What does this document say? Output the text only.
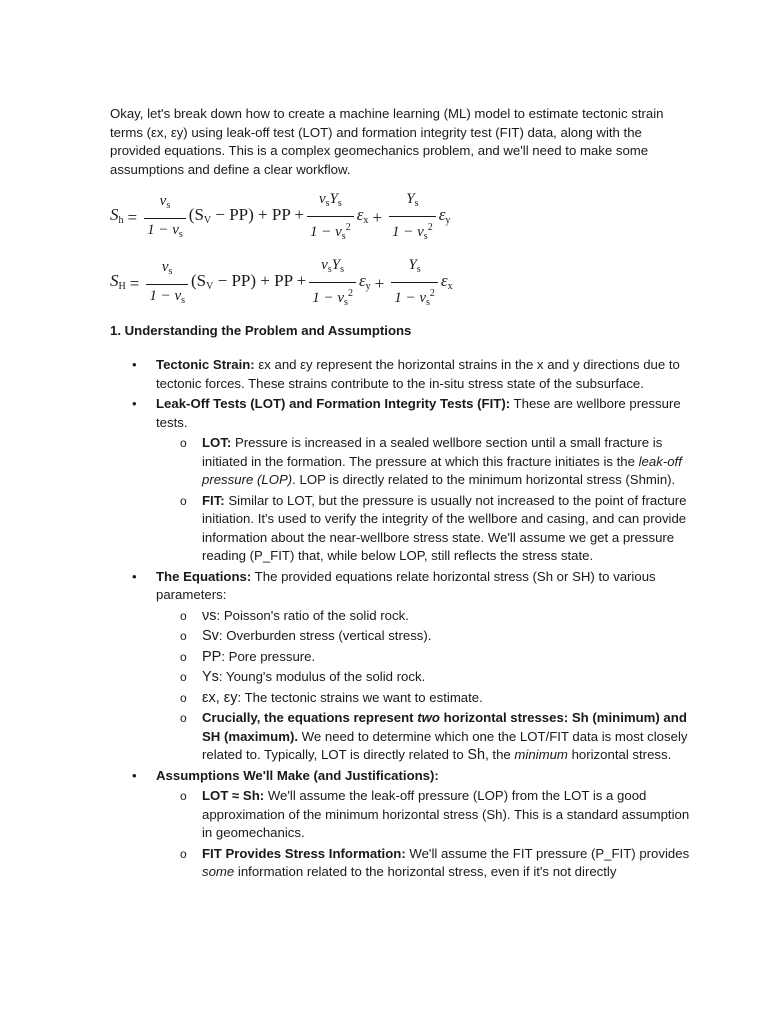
Okay, let's break down how to create a machine learning (ML) model to estimate tectonic strain terms (εx, εy) using leak-off test (LOT) and formation integrity test (FIT) data, along with the provided equations. This is a complex geomechanics problem, and we'll need to make some assumptions and define a clear workflow.

$S_h = \frac{\nu_s}{1 - \nu_s} (S_V - PP)$ + PP + $\frac{\nu_sY_s}{1 - \nu_s^2} \varepsilon_x + \frac{Y_s}{1 - \nu_s^2} \varepsilon_y$
$S_H = \frac{\nu_s}{1 - \nu_s} (S_V - PP)$ + PP + $\frac{\nu_sY_s}{1 - \nu_s^2} \varepsilon_y + \frac{Y_s}{1 - \nu_s^2} \varepsilon_x$
1. Understanding the Problem and Assumptions
• Tectonic Strain: εx and εy represent the horizontal strains in the x and y directions due to tectonic forces. These strains contribute to the in-situ stress state of the subsurface.
• Leak-Off Tests (LOT) and Formation Integrity Tests (FIT): These are wellbore pressure tests.
o LOT: Pressure is increased in a sealed wellbore section until a small fracture is initiated in the formation. The pressure at which this fracture initiates is the leak-off pressure (LOP). LOP is directly related to the minimum horizontal stress (Shmin).
o FIT: Similar to LOT, but the pressure is usually not increased to the point of fracture initiation. It's used to verify the integrity of the wellbore and casing, and can provide information about the near-wellbore stress state. We'll assume we get a pressure reading (P_FIT) that, while below LOP, still reflects the stress state.
• The Equations: The provided equations relate horizontal stress (Sh or SH) to various parameters:
o νs: Poisson's ratio of the solid rock.
o Sv: Overburden stress (vertical stress).
o PP: Pore pressure.
o Ys: Young's modulus of the solid rock.
o εx, εy: The tectonic strains we want to estimate.
o Crucially, the equations represent two horizontal stresses: Sh (minimum) and SH (maximum). We need to determine which one the LOT/FIT data is most closely related to. Typically, LOT is directly related to Sh, the minimum horizontal stress.
• Assumptions We'll Make (and Justifications):
o LOT ≈ Sh: We'll assume the leak-off pressure (LOP) from the LOT is a good approximation of the minimum horizontal stress (Sh). This is a standard assumption in geomechanics.
o FIT Provides Stress Information: We'll assume the FIT pressure (P_FIT) provides some information related to the horizontal stress, even if it's not directly
